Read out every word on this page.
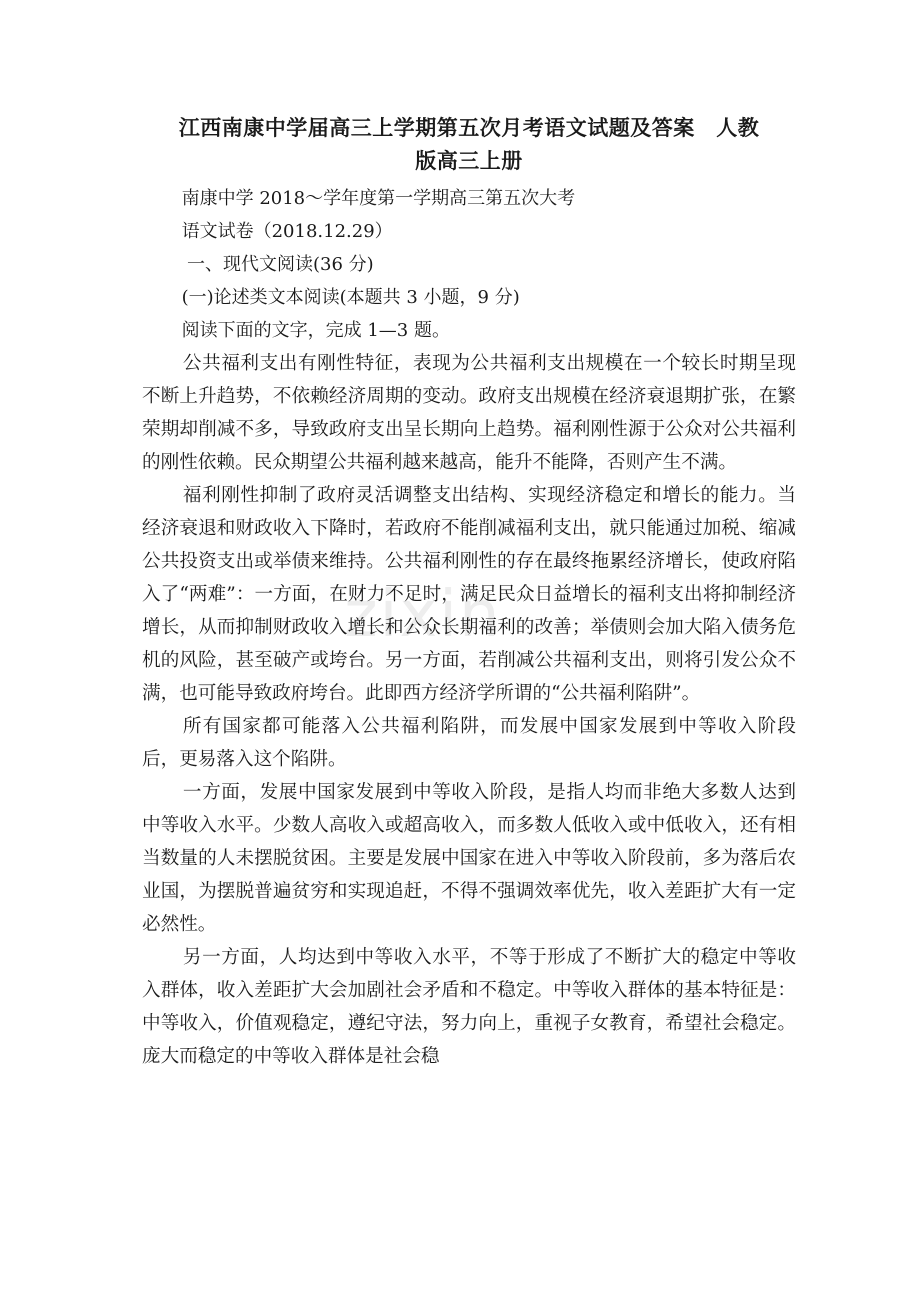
zixin
江西南康中学届高三上学期第五次月考语文试题及答案　人教
版高三上册

南康中学 2018～学年度第一学期高三第五次大考

语文试卷（2018.12.29）

一、现代文阅读(36 分)

(一)论述类文本阅读(本题共 3 小题，9 分)

阅读下面的文字，完成 1—3 题。

公共福利支出有刚性特征，表现为公共福利支出规模在一个较长时期呈现不断上升趋势，不依赖经济周期的变动。政府支出规模在经济衰退期扩张，在繁荣期却削减不多，导致政府支出呈长期向上趋势。福利刚性源于公众对公共福利的刚性依赖。民众期望公共福利越来越高，能升不能降，否则产生不满。

福利刚性抑制了政府灵活调整支出结构、实现经济稳定和增长的能力。当经济衰退和财政收入下降时，若政府不能削减福利支出，就只能通过加税、缩减公共投资支出或举债来维持。公共福利刚性的存在最终拖累经济增长，使政府陷入了“两难”：一方面，在财力不足时，满足民众日益增长的福利支出将抑制经济增长，从而抑制财政收入增长和公众长期福利的改善；举债则会加大陷入债务危机的风险，甚至破产或垮台。另一方面，若削减公共福利支出，则将引发公众不满，也可能导致政府垮台。此即西方经济学所谓的“公共福利陷阱”。

所有国家都可能落入公共福利陷阱，而发展中国家发展到中等收入阶段后，更易落入这个陷阱。

一方面，发展中国家发展到中等收入阶段，是指人均而非绝大多数人达到中等收入水平。少数人高收入或超高收入，而多数人低收入或中低收入，还有相当数量的人未摆脱贫困。主要是发展中国家在进入中等收入阶段前，多为落后农业国，为摆脱普遍贫穷和实现追赶，不得不强调效率优先，收入差距扩大有一定必然性。

另一方面，人均达到中等收入水平，不等于形成了不断扩大的稳定中等收入群体，收入差距扩大会加剧社会矛盾和不稳定。中等收入群体的基本特征是：中等收入，价值观稳定，遵纪守法，努力向上，重视子女教育，希望社会稳定。庞大而稳定的中等收入群体是社会稳
